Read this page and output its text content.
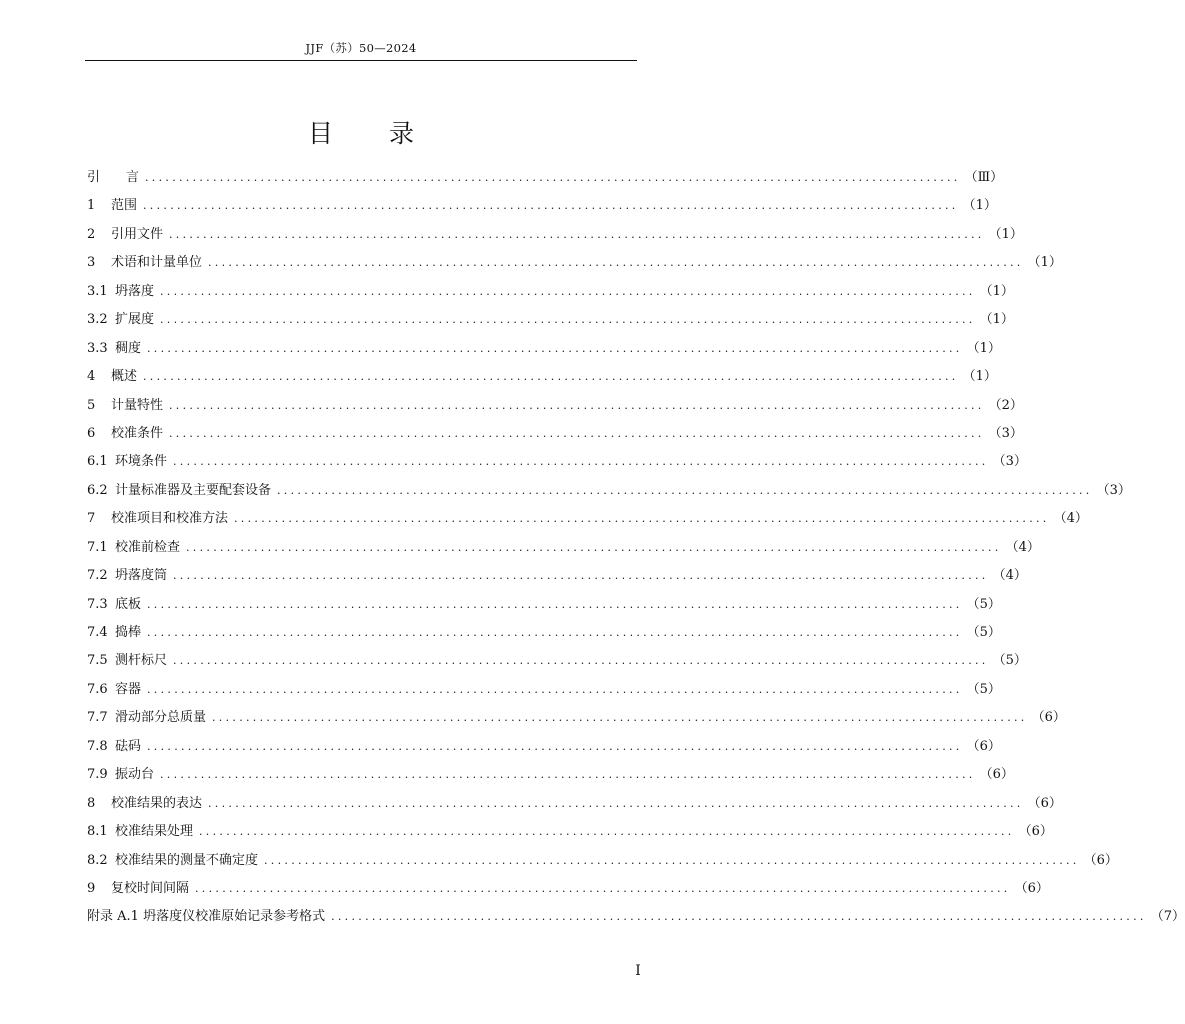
JJF（苏）50—2024
目 录
引　　言 ........................................................................................................................ （Ⅲ）
1 范围 ........................................................................................................................ （1）
2 引用文件 ........................................................................................................................ （1）
3 术语和计量单位 ........................................................................................................................ （1）
3.1 坍落度 ........................................................................................................................ （1）
3.2 扩展度 ........................................................................................................................ （1）
3.3 稠度 ........................................................................................................................ （1）
4 概述 ........................................................................................................................ （1）
5 计量特性 ........................................................................................................................ （2）
6 校准条件 ........................................................................................................................ （3）
6.1 环境条件 ........................................................................................................................ （3）
6.2 计量标准器及主要配套设备 ........................................................................................................................ （3）
7 校准项目和校准方法 ........................................................................................................................ （4）
7.1 校准前检查 ........................................................................................................................ （4）
7.2 坍落度筒 ........................................................................................................................ （4）
7.3 底板 ........................................................................................................................ （5）
7.4 捣棒 ........................................................................................................................ （5）
7.5 测杆标尺 ........................................................................................................................ （5）
7.6 容器 ........................................................................................................................ （5）
7.7 滑动部分总质量 ........................................................................................................................ （6）
7.8 砝码 ........................................................................................................................ （6）
7.9 振动台 ........................................................................................................................ （6）
8 校准结果的表达 ........................................................................................................................ （6）
8.1 校准结果处理 ........................................................................................................................ （6）
8.2 校准结果的测量不确定度 ........................................................................................................................ （6）
9 复校时间间隔 ........................................................................................................................ （6）
附录 A.1 坍落度仪校准原始记录参考格式 ........................................................................................................................ （7）
I
